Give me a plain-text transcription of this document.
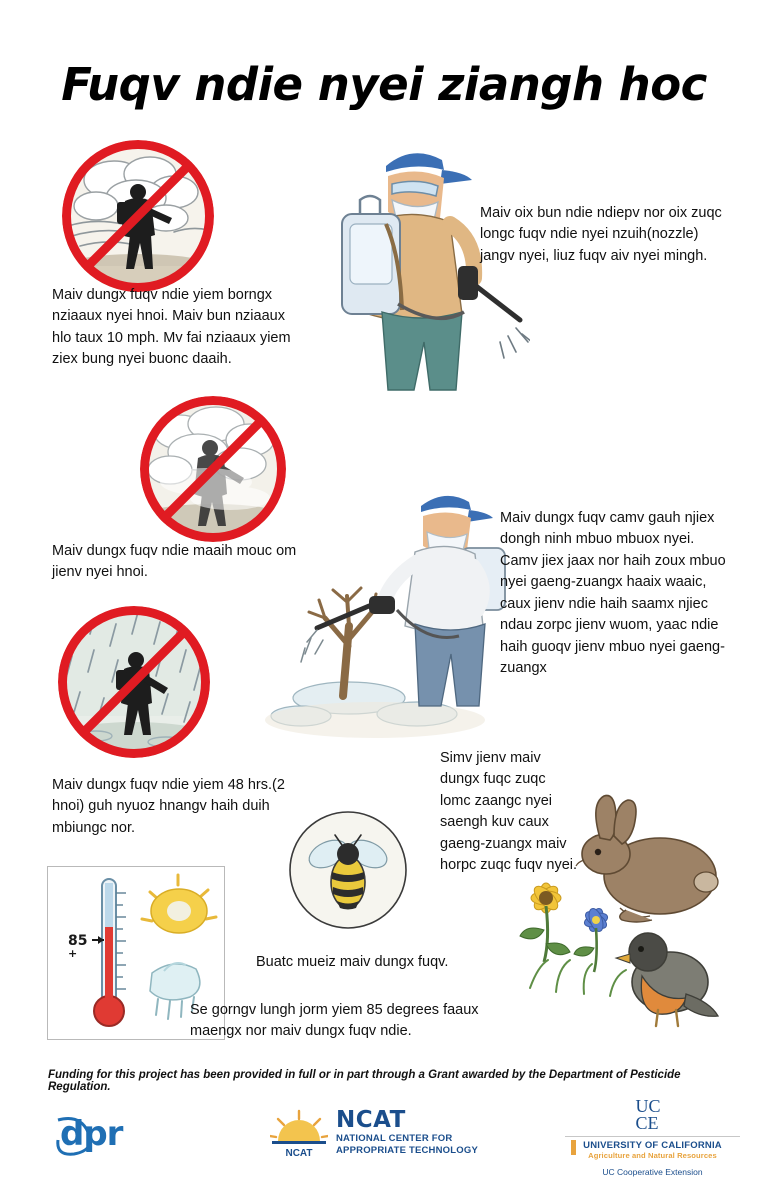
Fuqv ndie nyei ziangh hoc
Maiv dungx fuqv ndie yiem borngx nziaaux nyei hnoi. Maiv bun nziaaux hlo taux 10 mph. Mv fai nziaaux yiem ziex bung nyei buonc daaih.
Maiv oix bun ndie ndiepv nor oix zuqc longc fuqv ndie nyei nzuih(nozzle) jangv nyei, liuz fuqv aiv nyei mingh.
Maiv dungx fuqv ndie maaih mouc om jienv nyei hnoi.
Maiv dungx fuqv camv gauh njiex dongh ninh mbuo mbuox nyei. Camv jiex jaax nor haih zoux mbuo nyei gaeng-zuangx haaix waaic, caux jienv ndie haih saamx njiec ndau zorpc jienv wuom, yaac ndie haih guoqv jienv mbuo nyei gaeng-zuangx
Maiv dungx fuqv ndie yiem 48 hrs.(2 hnoi) guh nyuoz hnangv haih duih mbiungc nor.
Buatc mueiz maiv dungx fuqv.
Simv jienv maiv dungx fuqc zuqc lomc zaangc nyei saengh kuv caux gaeng-zuangx maiv horpc zuqc fuqv nyei.
85
+
Se gorngv lungh jorm yiem 85 degrees faaux maengx nor maiv dungx fuqv ndie.
Funding for this project has been provided in full or in part through a Grant awarded by the Department of Pesticide Regulation.
dpr	NCAT
NCAT
NATIONAL CENTER FOR
APPROPRIATE TECHNOLOGY
UC
CE
UNIVERSITY OF CALIFORNIA
Agriculture and Natural Resources
UC Cooperative Extension
